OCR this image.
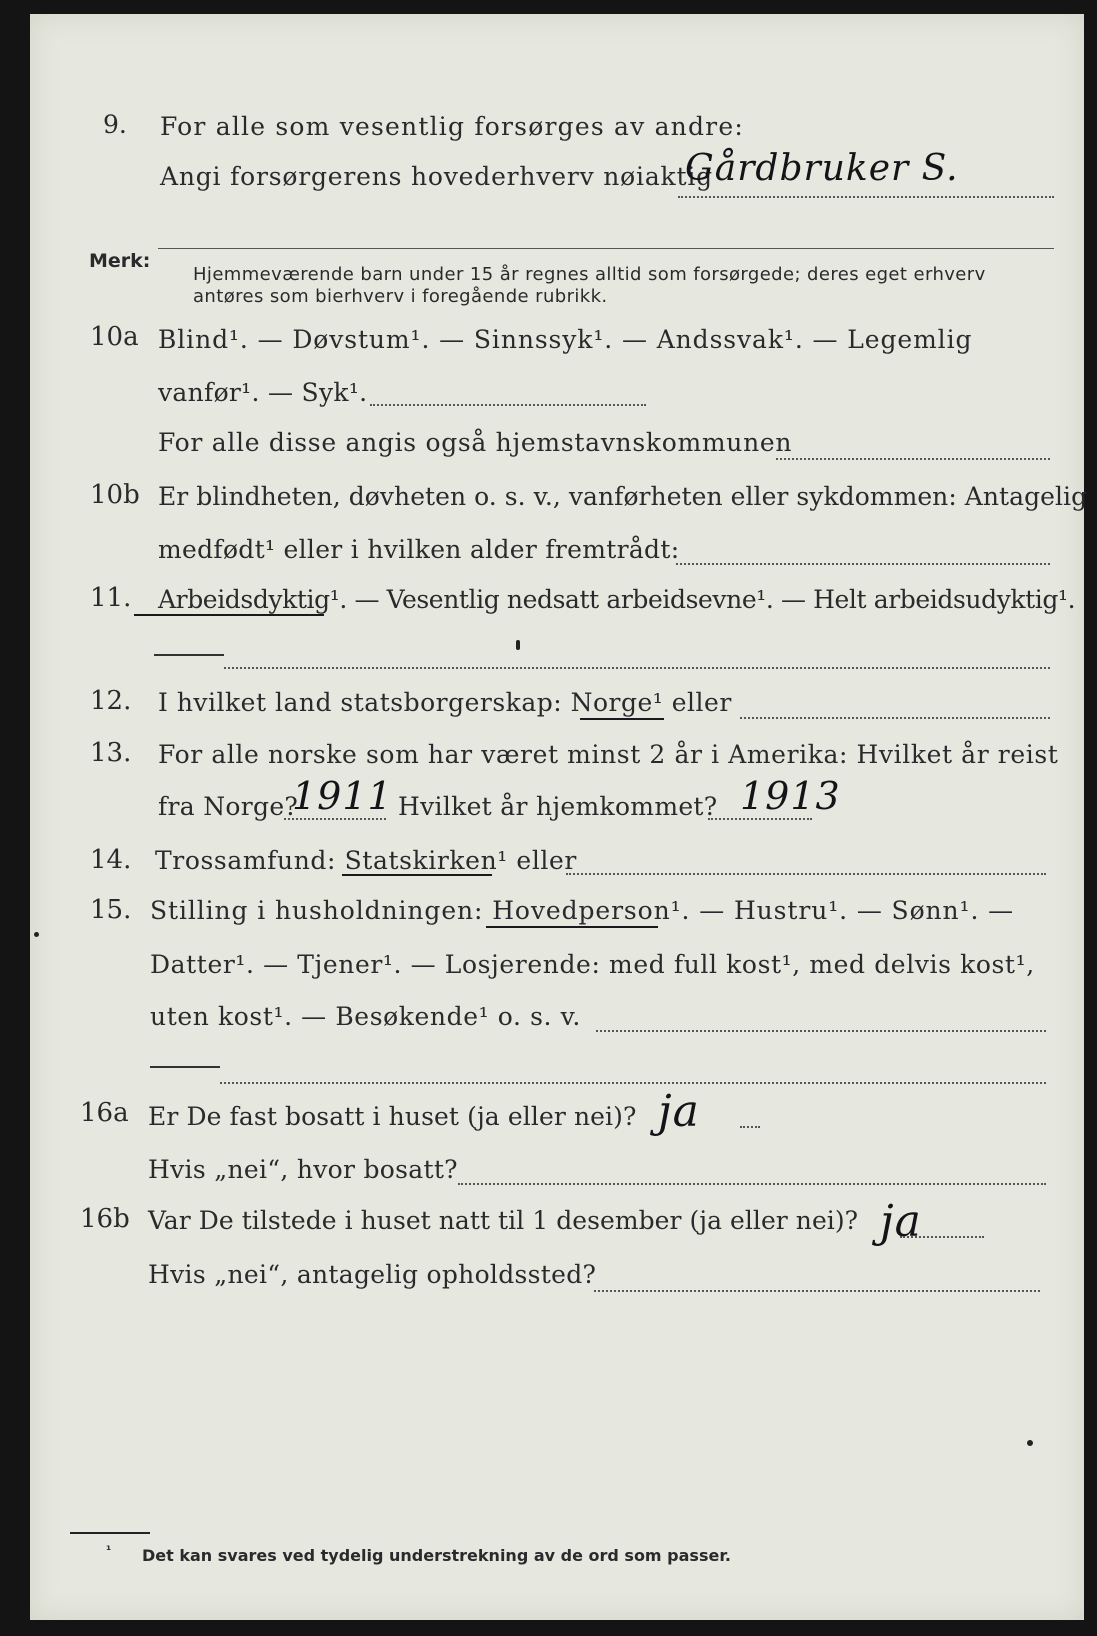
9. For alle som vesentlig forsørges av andre:
Angi forsørgerens hovederhverv nøiaktig
Gårdbruker S.
Merk:
Hjemmeværende barn under 15 år regnes alltid som forsørgede; deres eget erhverv
antøres som bierhverv i foregående rubrikk.
10a Blind¹. — Døvstum¹. — Sinnssyk¹. — Andssvak¹. — Legemlig
vanfør¹. — Syk¹.
For alle disse angis også hjemstavnskommunen
10b Er blindheten, døvheten o. s. v., vanførheten eller sykdommen: Antagelig
medfødt¹ eller i hvilken alder fremtrådt:
11. Arbeidsdyktig¹. — Vesentlig nedsatt arbeidsevne¹. — Helt arbeidsudyktig¹.
12. I hvilket land statsborgerskap: Norge¹ eller
13. For alle norske som har været minst 2 år i Amerika: Hvilket år reist
fra Norge?
1911 Hvilket år hjemkommet? 1913
14. Trossamfund: Statskirken¹ eller
15. Stilling i husholdningen: Hovedperson¹. — Hustru¹. — Sønn¹. —
Datter¹. — Tjener¹. — Losjerende: med full kost¹, med delvis kost¹,
uten kost¹. — Besøkende¹ o. s. v.
16a Er De fast bosatt i huset (ja eller nei)? ja
Hvis „nei“, hvor bosatt?
16b Var De tilstede i huset natt til 1 desember (ja eller nei)? ja
Hvis „nei“, antagelig opholdssted?
¹ Det kan svares ved tydelig understrekning av de ord som passer.
